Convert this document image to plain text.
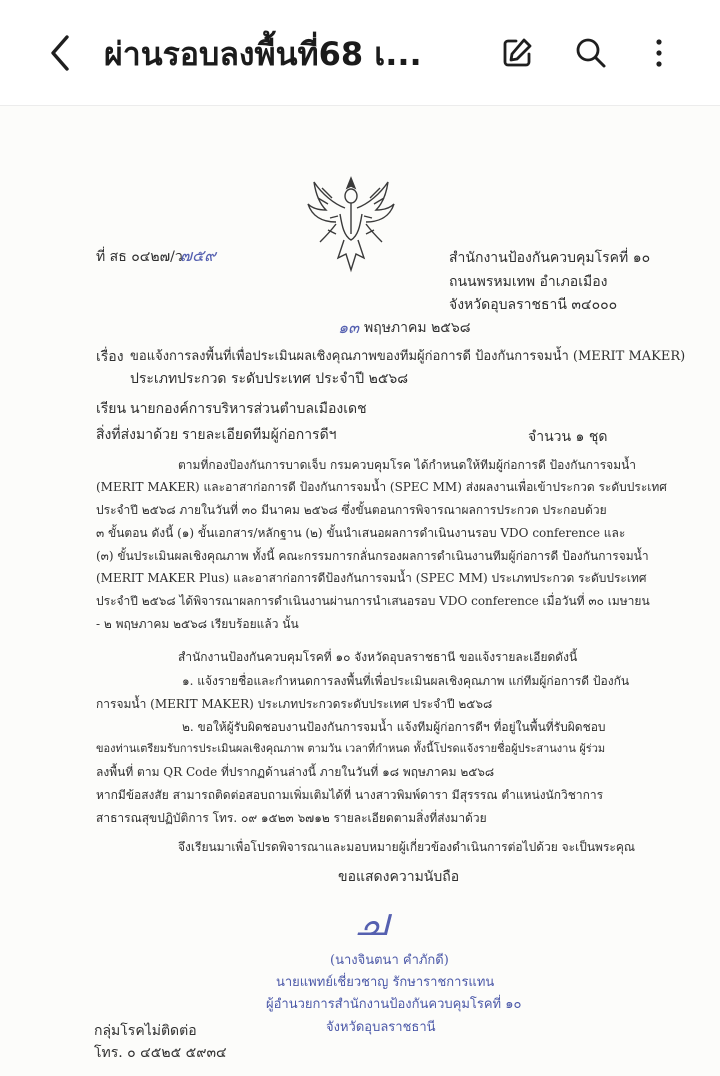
ผ่านรอบลงพื้นที่68 เ...
ที่ สธ ๐๔๒๗/ว
๗๕๙	สำนักงานป้องกันควบคุมโรคที่ ๑๐
ถนนพรหมเทพ อำเภอเมือง
จังหวัดอุบลราชธานี ๓๔๐๐๐
๑๓ พฤษภาคม ๒๕๖๘
เรื่อง ขอแจ้งการลงพื้นที่เพื่อประเมินผลเชิงคุณภาพของทีมผู้ก่อการดี ป้องกันการจมน้ำ (MERIT MAKER)
ประเภทประกวด ระดับประเทศ ประจำปี ๒๕๖๘
เรียน นายกองค์การบริหารส่วนตำบลเมืองเดช
สิ่งที่ส่งมาด้วย รายละเอียดทีมผู้ก่อการดีฯ	จำนวน ๑ ชุด
ตามที่กองป้องกันการบาดเจ็บ กรมควบคุมโรค ได้กำหนดให้ทีมผู้ก่อการดี ป้องกันการจมน้ำ
(MERIT MAKER) และอาสาก่อการดี ป้องกันการจมน้ำ (SPEC MM) ส่งผลงานเพื่อเข้าประกวด ระดับประเทศ
ประจำปี ๒๕๖๘ ภายในวันที่ ๓๐ มีนาคม ๒๕๖๘ ซึ่งขั้นตอนการพิจารณาผลการประกวด ประกอบด้วย
๓ ขั้นตอน ดังนี้ (๑) ขั้นเอกสาร/หลักฐาน (๒) ขั้นนำเสนอผลการดำเนินงานรอบ VDO conference และ
(๓) ขั้นประเมินผลเชิงคุณภาพ ทั้งนี้ คณะกรรมการกลั่นกรองผลการดำเนินงานทีมผู้ก่อการดี ป้องกันการจมน้ำ
(MERIT MAKER Plus) และอาสาก่อการดีป้องกันการจมน้ำ (SPEC MM) ประเภทประกวด ระดับประเทศ
ประจำปี ๒๕๖๘ ได้พิจารณาผลการดำเนินงานผ่านการนำเสนอรอบ VDO conference เมื่อวันที่ ๓๐ เมษายน
- ๒ พฤษภาคม ๒๕๖๘ เรียบร้อยแล้ว นั้น
สำนักงานป้องกันควบคุมโรคที่ ๑๐ จังหวัดอุบลราชธานี ขอแจ้งรายละเอียดดังนี้
๑. แจ้งรายชื่อและกำหนดการลงพื้นที่เพื่อประเมินผลเชิงคุณภาพ แก่ทีมผู้ก่อการดี ป้องกัน
การจมน้ำ (MERIT MAKER) ประเภทประกวดระดับประเทศ ประจำปี ๒๕๖๘
๒. ขอให้ผู้รับผิดชอบงานป้องกันการจมน้ำ แจ้งทีมผู้ก่อการดีฯ ที่อยู่ในพื้นที่รับผิดชอบ
ของท่านเตรียมรับการประเมินผลเชิงคุณภาพ ตามวัน เวลาที่กำหนด ทั้งนี้โปรดแจ้งรายชื่อผู้ประสานงาน ผู้ร่วม
ลงพื้นที่ ตาม QR Code ที่ปรากฏด้านล่างนี้ ภายในวันที่ ๑๘ พฤษภาคม ๒๕๖๘
หากมีข้อสงสัย สามารถติดต่อสอบถามเพิ่มเติมได้ที่ นางสาวพิมพ์ดารา มีสุรรรณ ตำแหน่งนักวิชาการ
สาธารณสุขปฏิบัติการ โทร. ๐๙ ๑๕๒๓ ๖๗๑๒ รายละเอียดตามสิ่งที่ส่งมาด้วย
จึงเรียนมาเพื่อโปรดพิจารณาและมอบหมายผู้เกี่ยวข้องดำเนินการต่อไปด้วย จะเป็นพระคุณ
ขอแสดงความนับถือ
ച
(นางจินตนา คำภักดี)
นายแพทย์เชี่ยวชาญ รักษาราชการแทน
ผู้อำนวยการสำนักงานป้องกันควบคุมโรคที่ ๑๐
จังหวัดอุบลราชธานี
กลุ่มโรคไม่ติดต่อ
โทร. ๐ ๔๕๒๕ ๕๙๓๔
